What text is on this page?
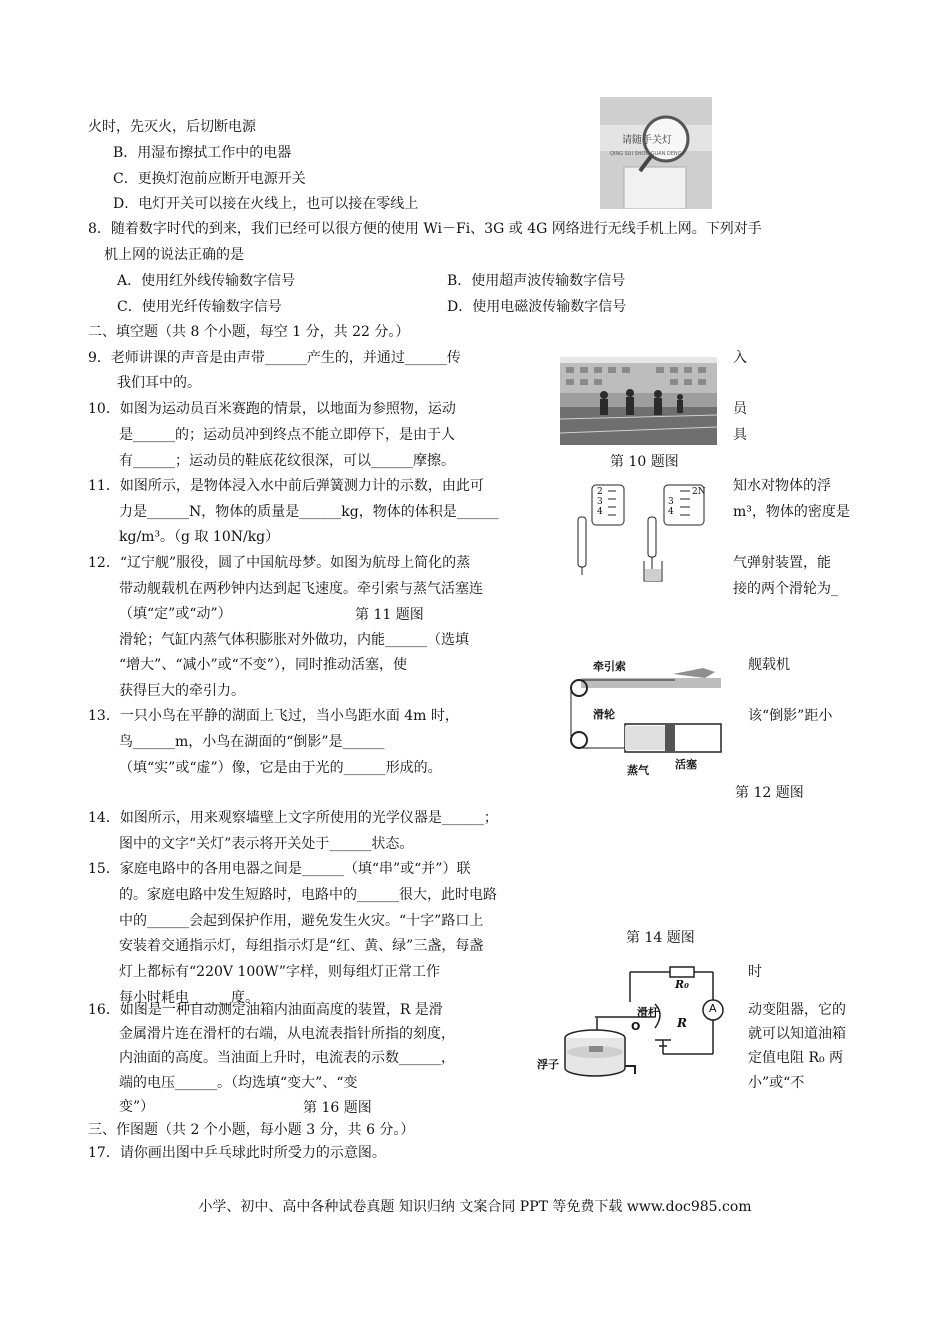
火时，先灭火，后切断电源
B．用湿布擦拭工作中的电器
C．更换灯泡前应断开电源开关
D．电灯开关可以接在火线上，也可以接在零线上
请随手关灯
QING SUI SHOU GUAN DENG
8．随着数字时代的到来，我们已经可以很方便的使用 Wi－Fi、3G 或 4G 网络进行无线手机上网。下列对手
机上网的说法正确的是
A．使用红外线传输数字信号	B．使用超声波传输数字信号
C．使用光纤传输数字信号	D．使用电磁波传输数字信号
二、填空题（共 8 个小题，每空 1 分，共 22 分。）
9．老师讲课的声音是由声带______产生的，并通过______传	入
我们耳中的。
10．如图为运动员百米赛跑的情景，以地面为参照物，运动	员
是______的；运动员冲到终点不能立即停下，是由于人	具
有______；运动员的鞋底花纹很深，可以______摩擦。	第 10 题图
2
3
4
2N
3
4
11．如图所示，是物体浸入水中前后弹簧测力计的示数，由此可	知水对物体的浮
力是______N，物体的质量是______kg，物体的体积是______	m³，物体的密度是
kg/m³。（g 取 10N/kg）
12．“辽宁舰”服役，圆了中国航母梦。如图为航母上简化的蒸	气弹射装置，能
带动舰载机在两秒钟内达到起飞速度。牵引索与蒸气活塞连	接的两个滑轮为_
（填“定”或“动”）	第 11 题图
滑轮；气缸内蒸气体积膨胀对外做功，内能______（选填
“增大”、“减小”或“不变”），同时推动活塞，使	舰载机
获得巨大的牵引力。
牵引索
滑轮
蒸气 活塞
13．一只小鸟在平静的湖面上飞过，当小鸟距水面 4m 时，	该“倒影”距小
鸟______m，小鸟在湖面的“倒影”是______
（填“实”或“虚”）像，它是由于光的______形成的。
第 12 题图
14．如图所示，用来观察墙壁上文字所使用的光学仪器是______；
图中的文字“关灯”表示将开关处于______状态。
15．家庭电路中的各用电器之间是______（填“串”或“并”）联
的。家庭电路中发生短路时，电路中的______很大，此时电路
中的______会起到保护作用，避免发生火灾。“十字”路口上
安装着交通指示灯，每组指示灯是“红、黄、绿”三盏，每盏	第 14 题图
灯上都标有“220V 100W”字样，则每组灯正常工作	时
每小时耗电______度。
R₀
A
滑杆
O	R
浮子
16．如图是一种自动测定油箱内油面高度的装置，R 是滑	动变阻器，它的
金属滑片连在滑杆的右端，从电流表指针所指的刻度，	就可以知道油箱
内油面的高度。当油面上升时，电流表的示数______，	定值电阻 R₀ 两
端的电压______。（均选填“变大”、“变	小”或“不
变”）	第 16 题图
三、作图题（共 2 个小题，每小题 3 分，共 6 分。）
17．请你画出图中乒乓球此时所受力的示意图。
小学、初中、高中各种试卷真题 知识归纳 文案合同 PPT 等免费下载 www.doc985.com
